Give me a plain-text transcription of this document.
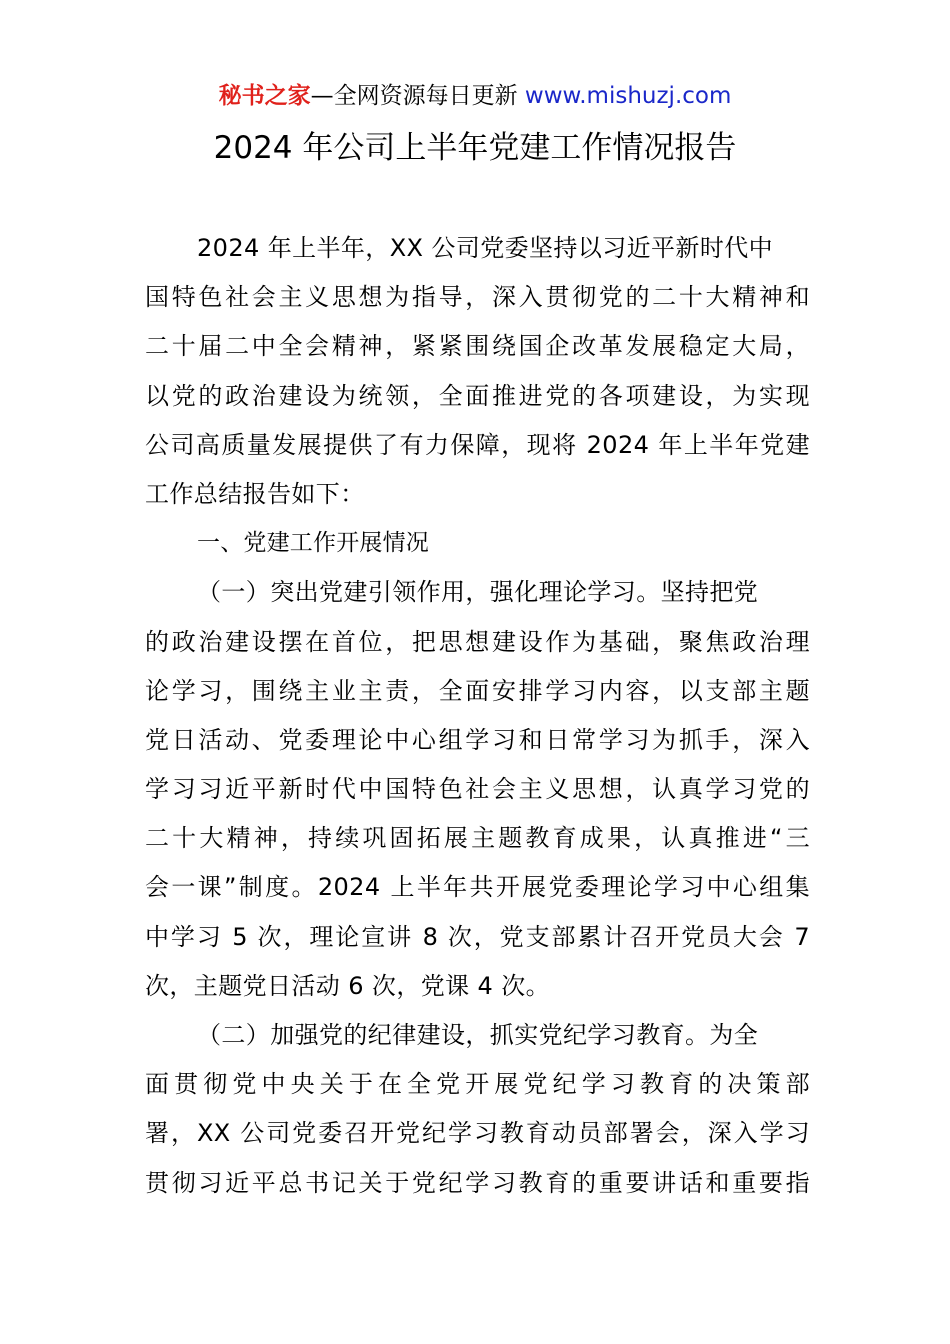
秘书之家—全网资源每日更新 www.mishuzj.com
2024 年公司上半年党建工作情况报告
2024 年上半年，XX 公司党委坚持以习近平新时代中
国特色社会主义思想为指导，深入贯彻党的二十大精神和
二十届二中全会精神，紧紧围绕国企改革发展稳定大局，
以党的政治建设为统领，全面推进党的各项建设，为实现
公司高质量发展提供了有力保障，现将 2024 年上半年党建
工作总结报告如下：
一、党建工作开展情况
（一）突出党建引领作用，强化理论学习。坚持把党
的政治建设摆在首位，把思想建设作为基础，聚焦政治理
论学习，围绕主业主责，全面安排学习内容，以支部主题
党日活动、党委理论中心组学习和日常学习为抓手，深入
学习习近平新时代中国特色社会主义思想，认真学习党的
二十大精神，持续巩固拓展主题教育成果，认真推进“三
会一课”制度。2024 上半年共开展党委理论学习中心组集
中学习 5 次，理论宣讲 8 次，党支部累计召开党员大会 7
次，主题党日活动 6 次，党课 4 次。
（二）加强党的纪律建设，抓实党纪学习教育。为全
面贯彻党中央关于在全党开展党纪学习教育的决策部
署，XX 公司党委召开党纪学习教育动员部署会，深入学习
贯彻习近平总书记关于党纪学习教育的重要讲话和重要指
